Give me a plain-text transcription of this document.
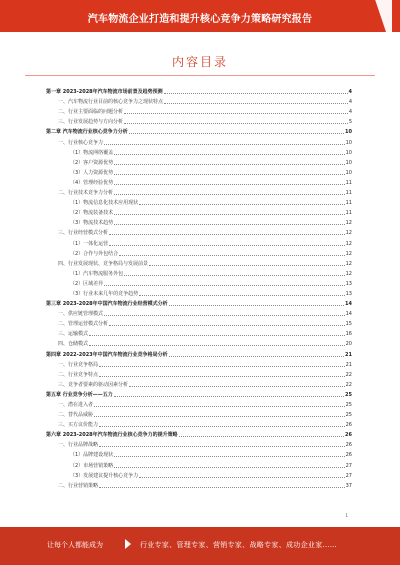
汽车物流企业打造和提升核心竞争力策略研究报告
内容目录
第一章 2023-2028年汽车物流市场前景及趋势预测	4
一、汽车物流行业目前的核心竞争力之现状特点	4
二、行业主要面临的问题分析	4
三、行业发展趋势与方向分析	5
第二章 汽车物流行业核心竞争力分析	10
一、行业核心竞争力	10
（1）物流网络覆盖	10
（2）客户资源优势	10
（3）人力资源优势	10
（4）管理经验优势	11
二、行业技术竞争力分析	11
（1）物流信息化技术应用现状	11
（2）物流装备技术	11
（3）物流技术趋势	12
三、行业经营模式分析	12
（1）一体化运营	12
（2）合作与外包结合	12
四、行业发展现状、竞争格局与发展前景	12
（1）汽车物流服务外包	12
（2）区域差异	13
（3）行业未来几年的竞争趋势	13
第三章 2023-2028年中国汽车物流行业经营模式分析	14
一、供应链管理模式	14
二、管理运营模式分析	15
三、运输模式	16
四、仓储模式	20
第四章 2022-2023年中国汽车物流行业竞争格局分析	21
一、行业竞争格局	21
二、行业竞争特点	22
三、竞争者要素的驱动因素分析	22
第五章 行业竞争分析——五力	25
一、潜在进入者	25
二、替代品威胁	25
三、买方议价能力	26
第六章 2023-2028年汽车物流行业核心竞争力的提升策略	26
一、行业品牌战略	26
（1）品牌建设现状	26
（2）市场营销策略	27
（3）发展建议提升核心竞争力	27
二、行业营销策略	37
1
让每个人都能成为	行业专家、管理专家、营销专家、战略专家、成功企业家……
